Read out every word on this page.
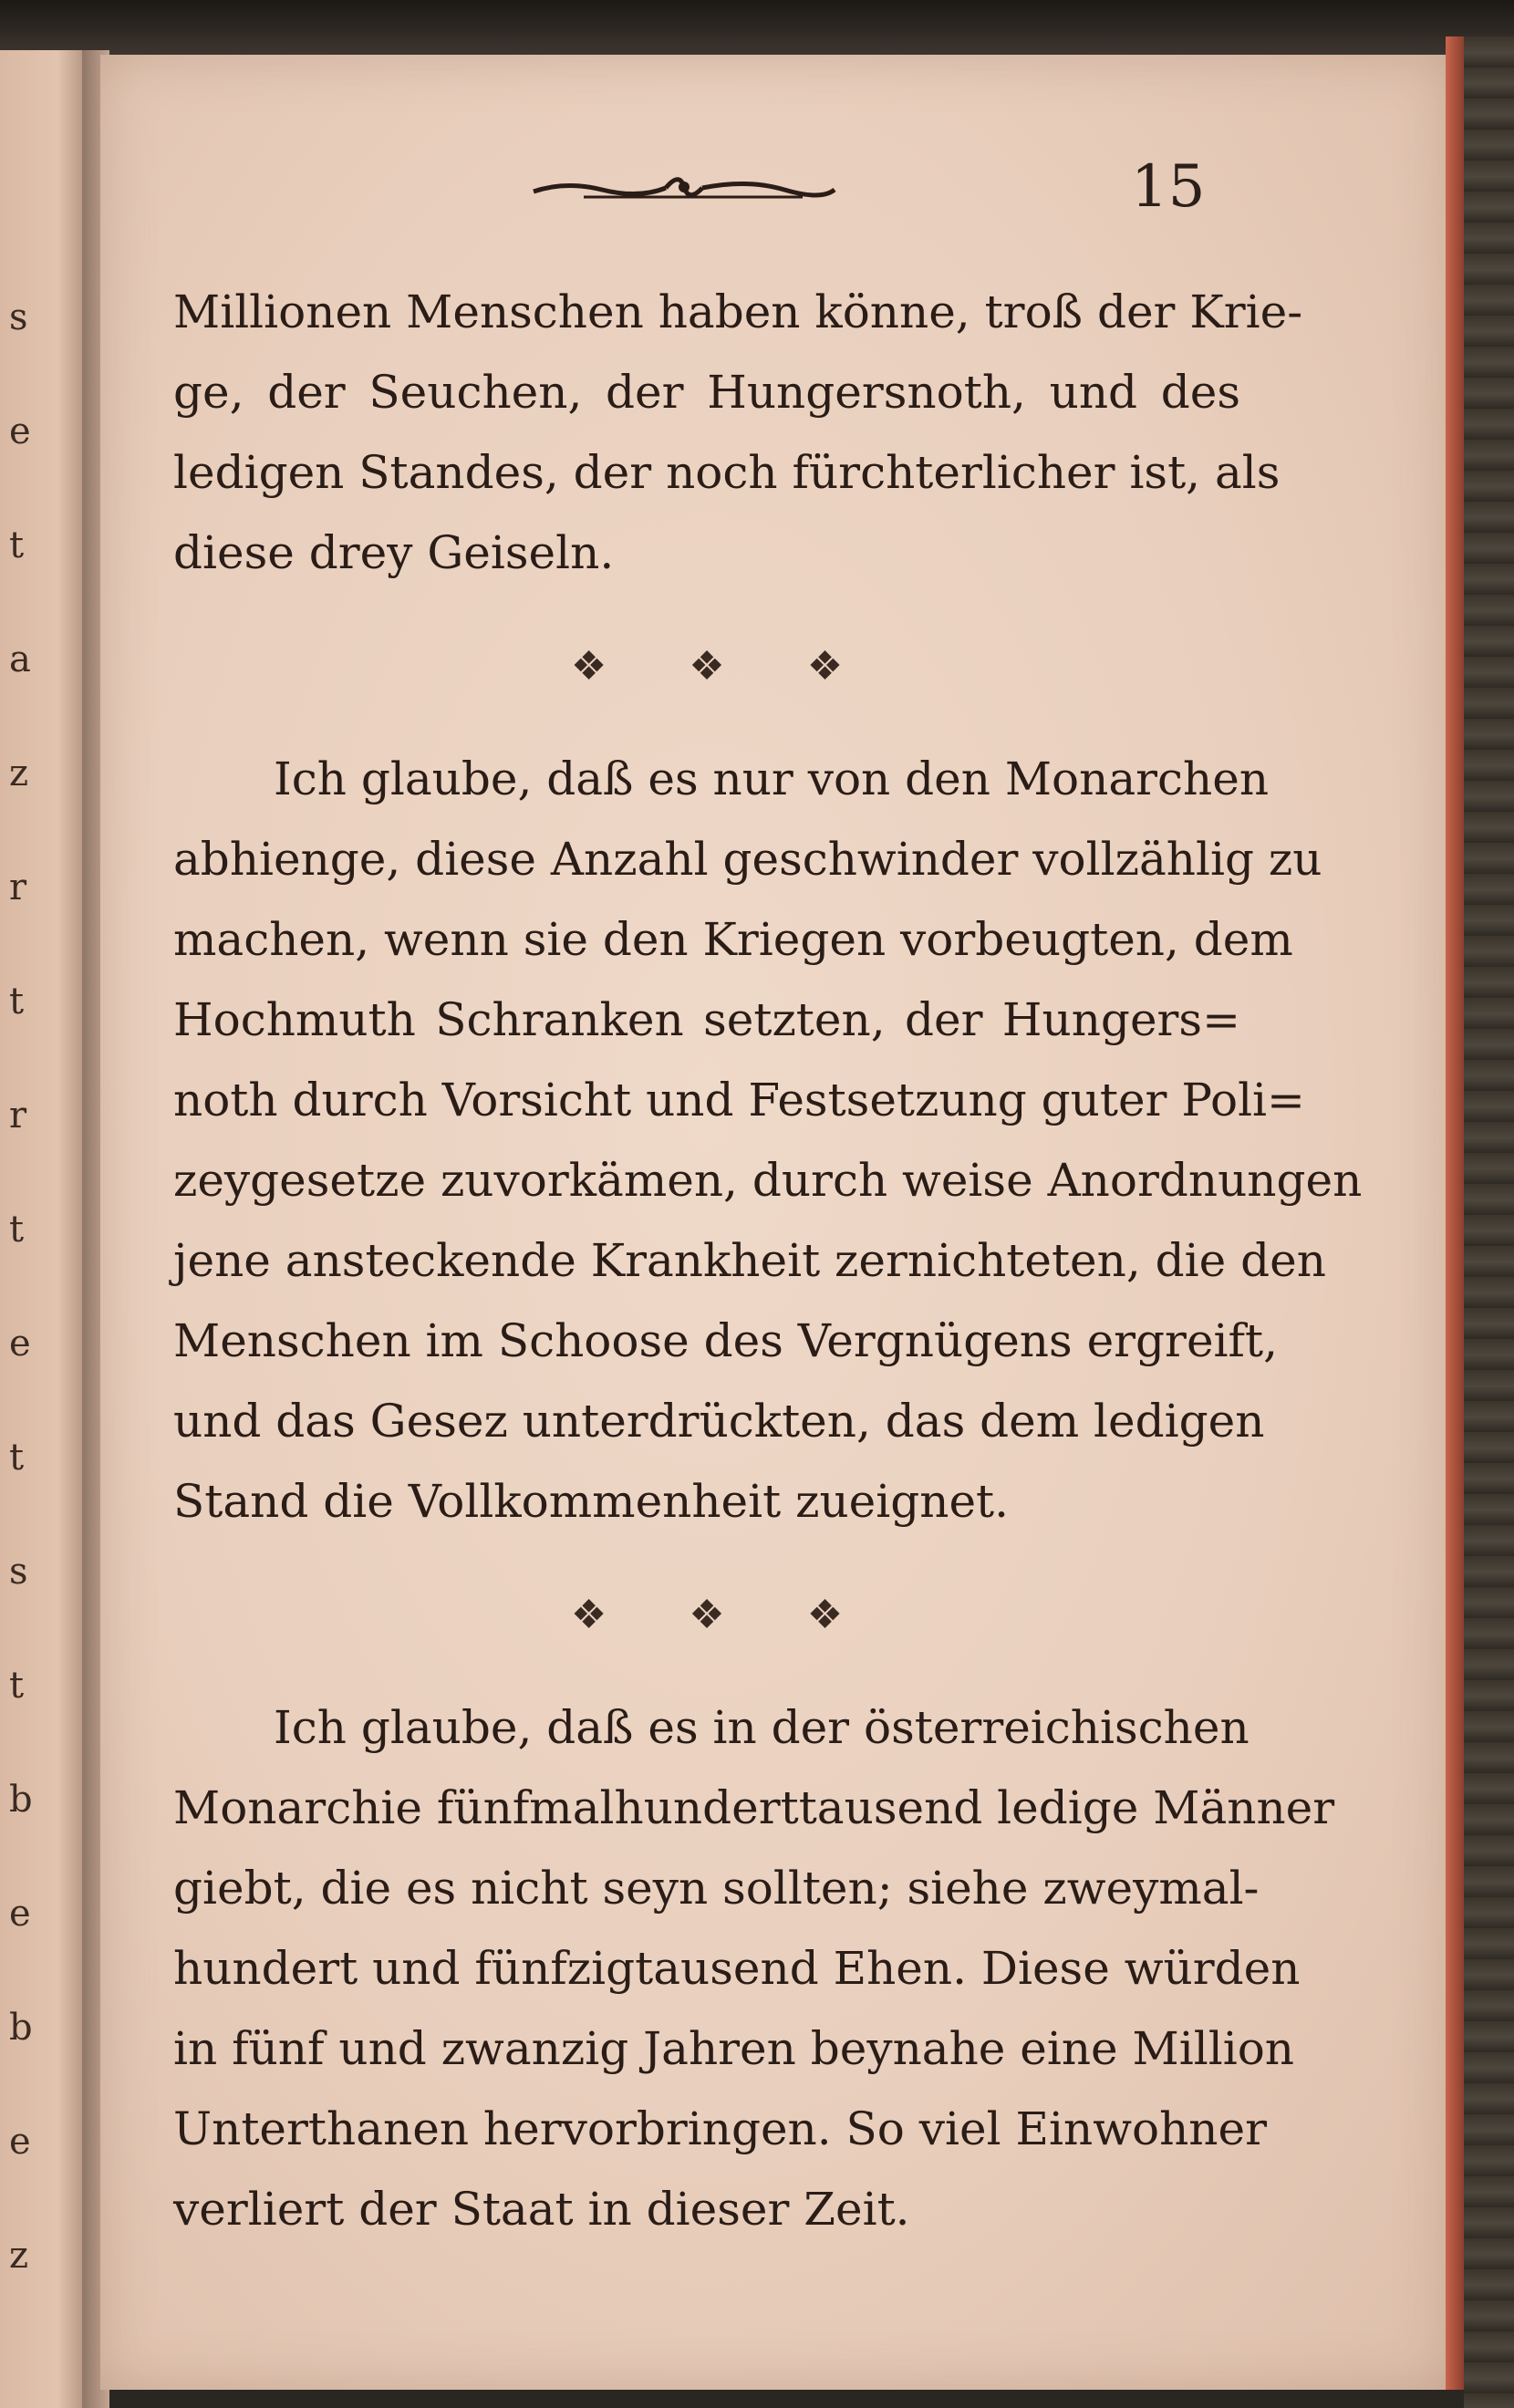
s
e
t
a
z
r
t
r
t
e
t
s
t
b
e
b
e
z
15
Millionen Menschen haben könne, troß der Krie-
ge, der Seuchen, der Hungersnoth, und des
ledigen Standes, der noch fürchterlicher ist, als
diese drey Geiseln.
❖ ❖ ❖
Ich glaube, daß es nur von den Monarchen
abhienge, diese Anzahl geschwinder vollzählig zu
machen, wenn sie den Kriegen vorbeugten, dem
Hochmuth Schranken setzten, der Hungers=
noth durch Vorsicht und Festsetzung guter Poli=
zeygesetze zuvorkämen, durch weise Anordnungen
jene ansteckende Krankheit zernichteten, die den
Menschen im Schoose des Vergnügens ergreift,
und das Gesez unterdrückten, das dem ledigen
Stand die Vollkommenheit zueignet.
❖ ❖ ❖
Ich glaube, daß es in der österreichischen
Monarchie fünfmalhunderttausend ledige Männer
giebt, die es nicht seyn sollten; siehe zweymal-
hundert und fünfzigtausend Ehen. Diese würden
in fünf und zwanzig Jahren beynahe eine Million
Unterthanen hervorbringen. So viel Einwohner
verliert der Staat in dieser Zeit.
